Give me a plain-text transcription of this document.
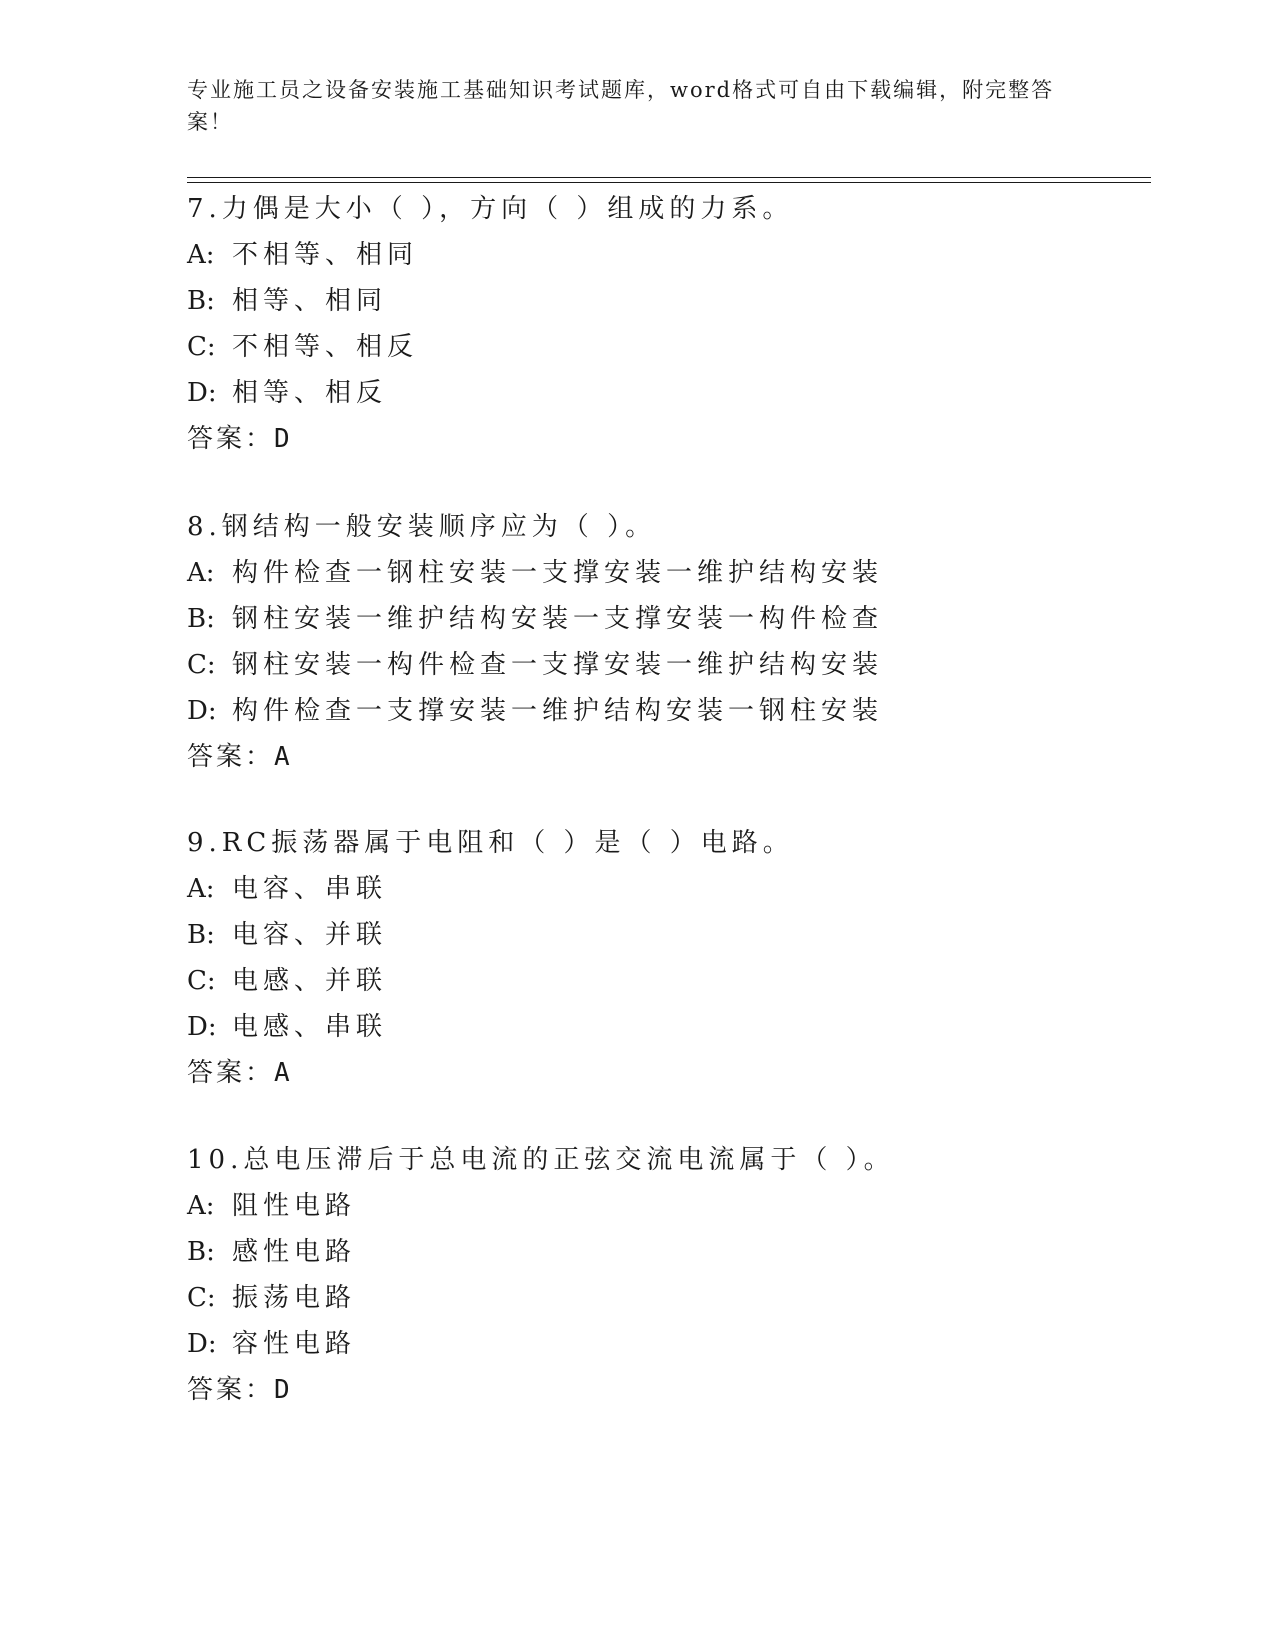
专业施工员之设备安装施工基础知识考试题库，word格式可自由下载编辑，附完整答案！
7.力偶是大小（ ），方向（ ）组成的力系。
A: 不相等、相同
B: 相等、相同
C: 不相等、相反
D: 相等、相反
答案：D
8.钢结构一般安装顺序应为（ ）。
A: 构件检查一钢柱安装一支撑安装一维护结构安装
B: 钢柱安装一维护结构安装一支撑安装一构件检查
C: 钢柱安装一构件检查一支撑安装一维护结构安装
D: 构件检查一支撑安装一维护结构安装一钢柱安装
答案：A
9.RC振荡器属于电阻和（ ）是（ ）电路。
A: 电容、串联
B: 电容、并联
C: 电感、并联
D: 电感、串联
答案：A
10.总电压滞后于总电流的正弦交流电流属于（ ）。
A: 阻性电路
B: 感性电路
C: 振荡电路
D: 容性电路
答案：D
